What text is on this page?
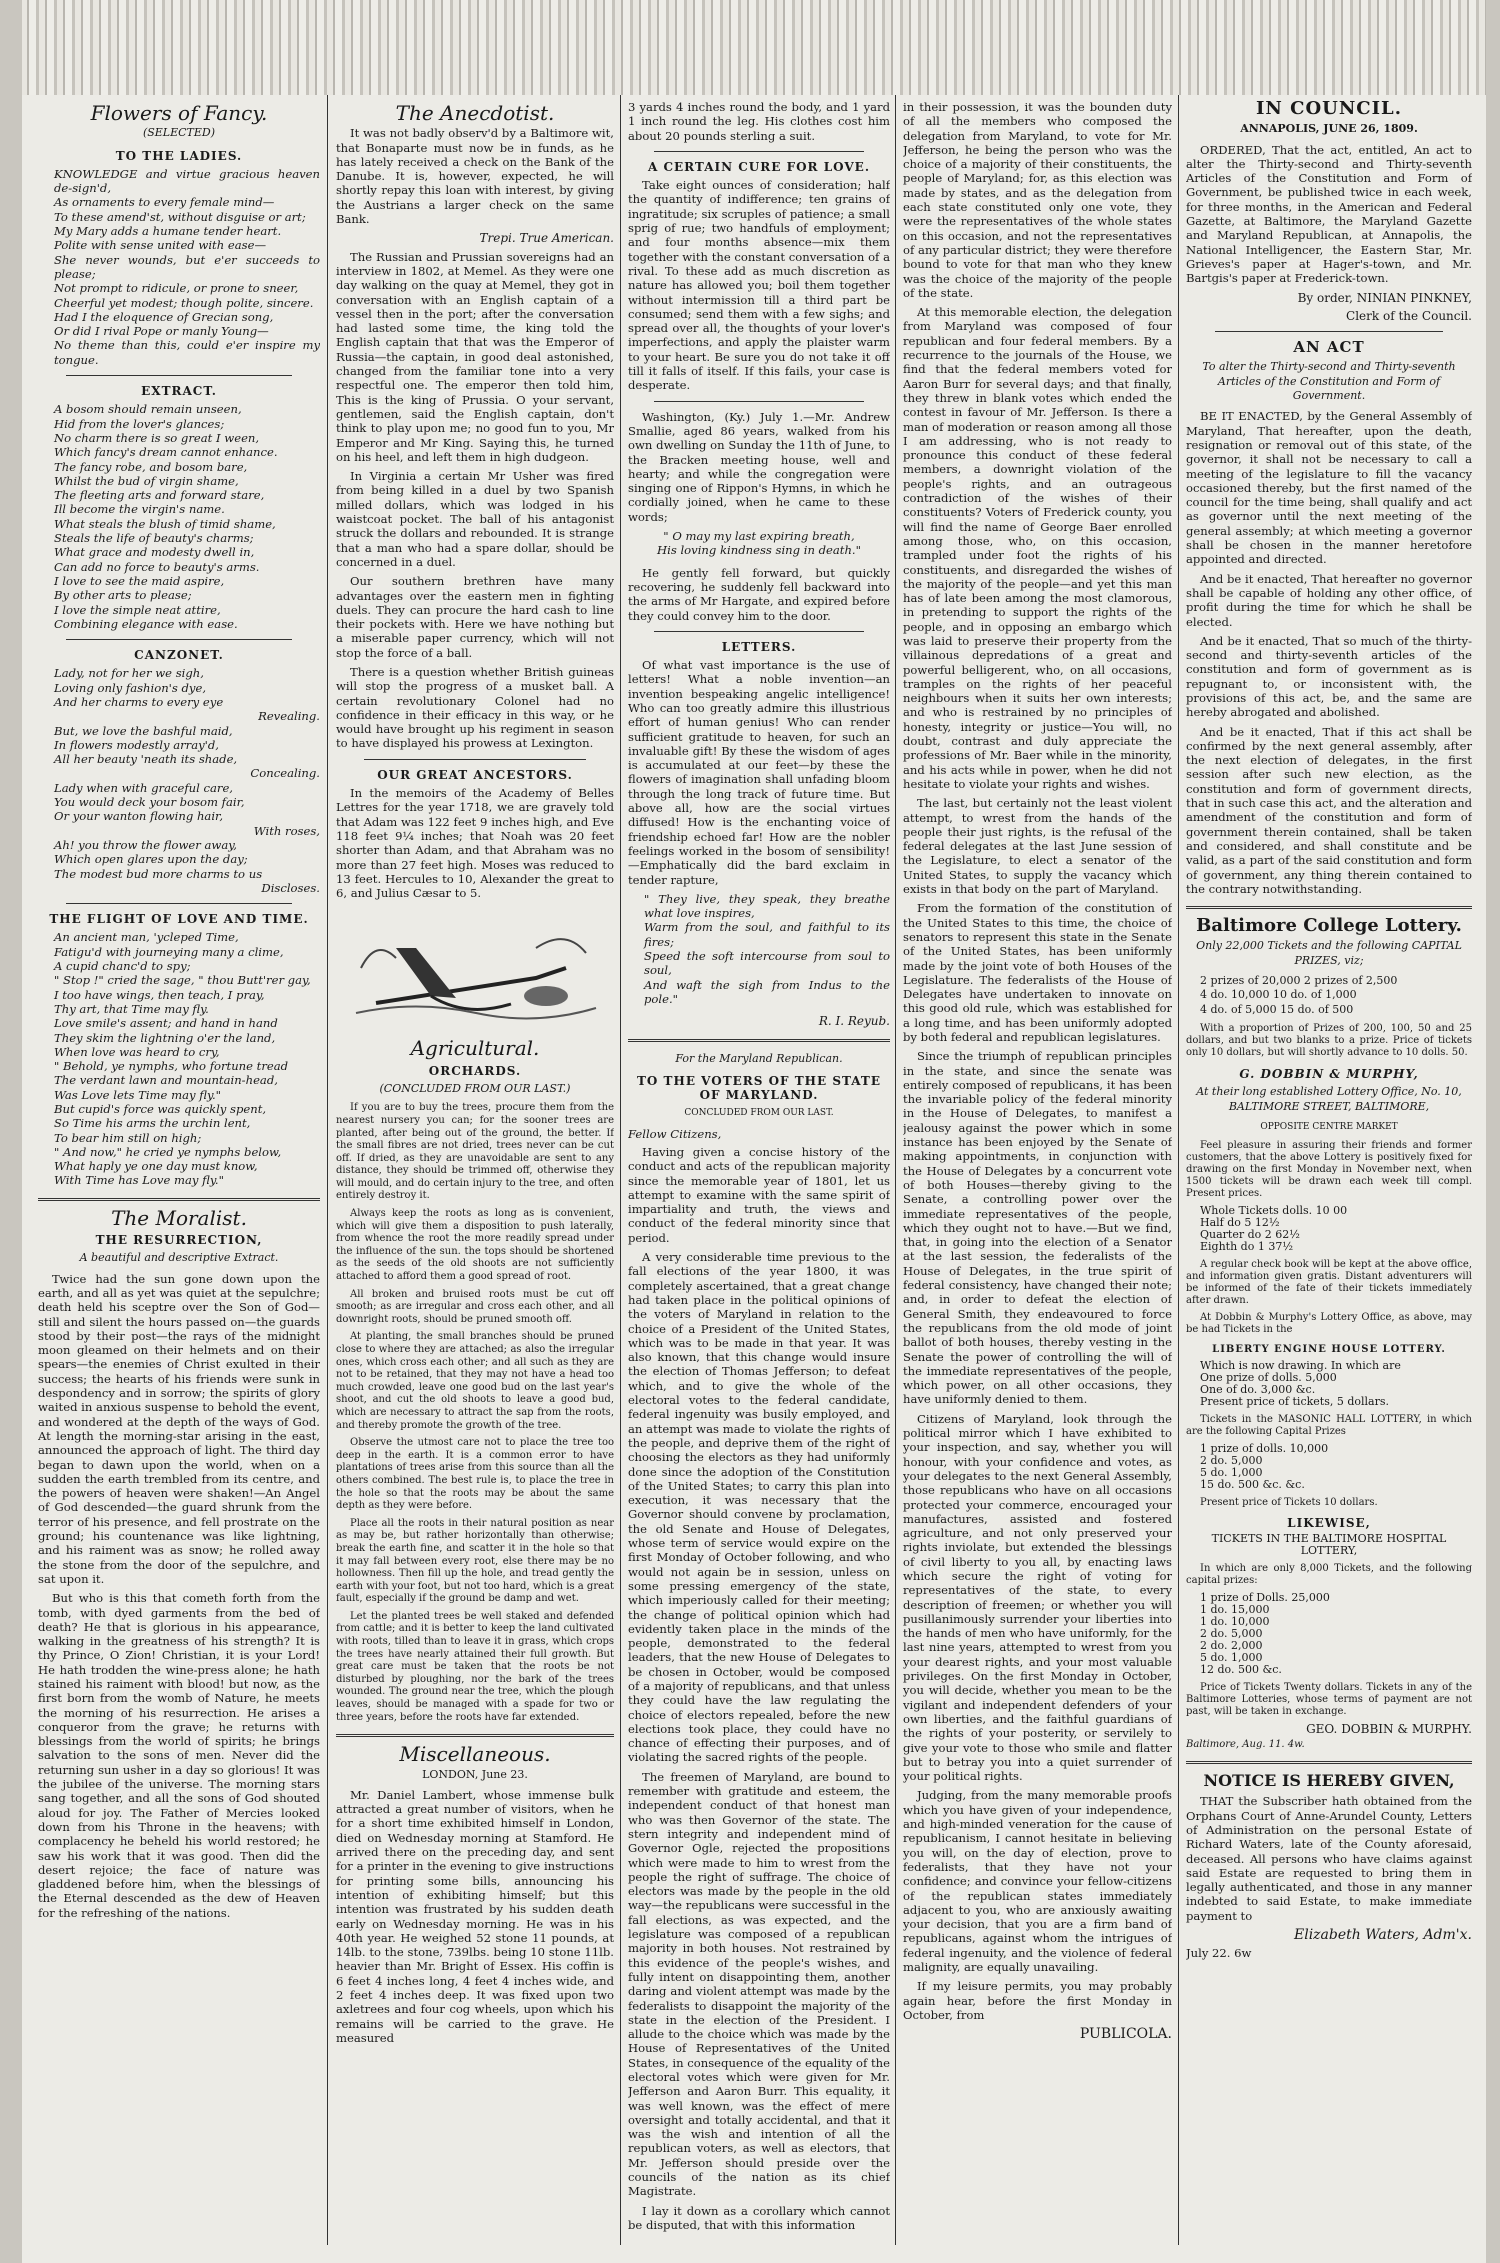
Flowers of Fancy.
(SELECTED)
TO THE LADIES.
KNOWLEDGE and virtue gracious heaven de-sign'd,
As ornaments to every female mind—
To these amend'st, without disguise or art;
My Mary adds a humane tender heart.
Polite with sense united with ease—
She never wounds, but e'er succeeds to please;
Not prompt to ridicule, or prone to sneer,
Cheerful yet modest; though polite, sincere.
Had I the eloquence of Grecian song,
Or did I rival Pope or manly Young—
No theme than this, could e'er inspire my tongue.
EXTRACT.
A bosom should remain unseen,
Hid from the lover's glances;
No charm there is so great I ween,
Which fancy's dream cannot enhance.
The fancy robe, and bosom bare,
Whilst the bud of virgin shame,
The fleeting arts and forward stare,
Ill become the virgin's name.
What steals the blush of timid shame,
Steals the life of beauty's charms;
What grace and modesty dwell in,
Can add no force to beauty's arms.
I love to see the maid aspire,
By other arts to please;
I love the simple neat attire,
Combining elegance with ease.
CANZONET.
Lady, not for her we sigh,
Loving only fashion's dye,
And her charms to every eye
Revealing.
But, we love the bashful maid,
In flowers modestly array'd,
All her beauty 'neath its shade,
Concealing.
Lady when with graceful care,
You would deck your bosom fair,
Or your wanton flowing hair,
With roses,
Ah! you throw the flower away,
Which open glares upon the day;
The modest bud more charms to us
Discloses.
THE FLIGHT OF LOVE AND TIME.
An ancient man, 'ycleped Time,
Fatigu'd with journeying many a clime,
A cupid chanc'd to spy;
" Stop !" cried the sage, " thou Butt'rer gay,
I too have wings, then teach, I pray,
Thy art, that Time may fly.
Love smile's assent; and hand in hand
They skim the lightning o'er the land,
When love was heard to cry,
" Behold, ye nymphs, who fortune tread
The verdant lawn and mountain-head,
Was Love lets Time may fly."
But cupid's force was quickly spent,
So Time his arms the urchin lent,
To bear him still on high;
" And now," he cried ye nymphs below,
What haply ye one day must know,
With Time has Love may fly."
The Moralist.
THE RESURRECTION,
A beautiful and descriptive Extract.

Twice had the sun gone down upon the earth, and all as yet was quiet at the sepulchre; death held his sceptre over the Son of God—still and silent the hours passed on—the guards stood by their post—the rays of the midnight moon gleamed on their helmets and on their spears—the enemies of Christ exulted in their success; the hearts of his friends were sunk in despondency and in sorrow; the spirits of glory waited in anxious suspense to behold the event, and wondered at the depth of the ways of God. At length the morning-star arising in the east, announced the approach of light. The third day began to dawn upon the world, when on a sudden the earth trembled from its centre, and the powers of heaven were shaken!—An Angel of God descended—the guard shrunk from the terror of his presence, and fell prostrate on the ground; his countenance was like lightning, and his raiment was as snow; he rolled away the stone from the door of the sepulchre, and sat upon it.

But who is this that cometh forth from the tomb, with dyed garments from the bed of death? He that is glorious in his appearance, walking in the greatness of his strength? It is thy Prince, O Zion! Christian, it is your Lord! He hath trodden the wine-press alone; he hath stained his raiment with blood! but now, as the first born from the womb of Nature, he meets the morning of his resurrection. He arises a conqueror from the grave; he returns with blessings from the world of spirits; he brings salvation to the sons of men. Never did the returning sun usher in a day so glorious! It was the jubilee of the universe. The morning stars sang together, and all the sons of God shouted aloud for joy. The Father of Mercies looked down from his Throne in the heavens; with complacency he beheld his world restored; he saw his work that it was good. Then did the desert rejoice; the face of nature was gladdened before him, when the blessings of the Eternal descended as the dew of Heaven for the refreshing of the nations.

The Anecdotist.

It was not badly observ'd by a Baltimore wit, that Bonaparte must now be in funds, as he has lately received a check on the Bank of the Danube. It is, however, expected, he will shortly repay this loan with interest, by giving the Austrians a larger check on the same Bank.

Trepi. True American.

The Russian and Prussian sovereigns had an interview in 1802, at Memel. As they were one day walking on the quay at Memel, they got in conversation with an English captain of a vessel then in the port; after the conversation had lasted some time, the king told the English captain that that was the Emperor of Russia—the captain, in good deal astonished, changed from the familiar tone into a very respectful one. The emperor then told him, This is the king of Prussia. O your servant, gentlemen, said the English captain, don't think to play upon me; no good fun to you, Mr Emperor and Mr King. Saying this, he turned on his heel, and left them in high dudgeon.

In Virginia a certain Mr Usher was fired from being killed in a duel by two Spanish milled dollars, which was lodged in his waistcoat pocket. The ball of his antagonist struck the dollars and rebounded. It is strange that a man who had a spare dollar, should be concerned in a duel.

Our southern brethren have many advantages over the eastern men in fighting duels. They can procure the hard cash to line their pockets with. Here we have nothing but a miserable paper currency, which will not stop the force of a ball.

There is a question whether British guineas will stop the progress of a musket ball. A certain revolutionary Colonel had no confidence in their efficacy in this way, or he would have brought up his regiment in season to have displayed his prowess at Lexington.

OUR GREAT ANCESTORS.

In the memoirs of the Academy of Belles Lettres for the year 1718, we are gravely told that Adam was 122 feet 9 inches high, and Eve 118 feet 9¼ inches; that Noah was 20 feet shorter than Adam, and that Abraham was no more than 27 feet high. Moses was reduced to 13 feet. Hercules to 10, Alexander the great to 6, and Julius Cæsar to 5.

Agricultural.
ORCHARDS.
(CONCLUDED FROM OUR LAST.)

If you are to buy the trees, procure them from the nearest nursery you can; for the sooner trees are planted, after being out of the ground, the better. If the small fibres are not dried, trees never can be cut off. If dried, as they are unavoidable are sent to any distance, they should be trimmed off, otherwise they will mould, and do certain injury to the tree, and often entirely destroy it.

Always keep the roots as long as is convenient, which will give them a disposition to push laterally, from whence the root the more readily spread under the influence of the sun. the tops should be shortened as the seeds of the old shoots are not sufficiently attached to afford them a good spread of root.

All broken and bruised roots must be cut off smooth; as are irregular and cross each other, and all downright roots, should be pruned smooth off.

At planting, the small branches should be pruned close to where they are attached; as also the irregular ones, which cross each other; and all such as they are not to be retained, that they may not have a head too much crowded, leave one good bud on the last year's shoot, and cut the old shoots to leave a good bud, which are necessary to attract the sap from the roots, and thereby promote the growth of the tree.

Observe the utmost care not to place the tree too deep in the earth. It is a common error to have plantations of trees arise from this source than all the others combined. The best rule is, to place the tree in the hole so that the roots may be about the same depth as they were before.

Place all the roots in their natural position as near as may be, but rather horizontally than otherwise; break the earth fine, and scatter it in the hole so that it may fall between every root, else there may be no hollowness. Then fill up the hole, and tread gently the earth with your foot, but not too hard, which is a great fault, especially if the ground be damp and wet.

Let the planted trees be well staked and defended from cattle; and it is better to keep the land cultivated with roots, tilled than to leave it in grass, which crops the trees have nearly attained their full growth. But great care must be taken that the roots be not disturbed by ploughing, nor the bark of the trees wounded. The ground near the tree, which the plough leaves, should be managed with a spade for two or three years, before the roots have far extended.

Miscellaneous.
LONDON, June 23.

Mr. Daniel Lambert, whose immense bulk attracted a great number of visitors, when he for a short time exhibited himself in London, died on Wednesday morning at Stamford. He arrived there on the preceding day, and sent for a printer in the evening to give instructions for printing some bills, announcing his intention of exhibiting himself; but this intention was frustrated by his sudden death early on Wednesday morning. He was in his 40th year. He weighed 52 stone 11 pounds, at 14lb. to the stone, 739lbs. being 10 stone 11lb. heavier than Mr. Bright of Essex. His coffin is 6 feet 4 inches long, 4 feet 4 inches wide, and 2 feet 4 inches deep. It was fixed upon two axletrees and four cog wheels, upon which his remains will be carried to the grave. He measured

3 yards 4 inches round the body, and 1 yard 1 inch round the leg. His clothes cost him about 20 pounds sterling a suit.

A CERTAIN CURE FOR LOVE.

Take eight ounces of consideration; half the quantity of indifference; ten grains of ingratitude; six scruples of patience; a small sprig of rue; two handfuls of employment; and four months absence—mix them together with the constant conversation of a rival. To these add as much discretion as nature has allowed you; boil them together without intermission till a third part be consumed; send them with a few sighs; and spread over all, the thoughts of your lover's imperfections, and apply the plaister warm to your heart. Be sure you do not take it off till it falls of itself. If this fails, your case is desperate.

Washington, (Ky.) July 1.—Mr. Andrew Smallie, aged 86 years, walked from his own dwelling on Sunday the 11th of June, to the Bracken meeting house, well and hearty; and while the congregation were singing one of Rippon's Hymns, in which he cordially joined, when he came to these words;

" O may my last expiring breath,
His loving kindness sing in death."

He gently fell forward, but quickly recovering, he suddenly fell backward into the arms of Mr Hargate, and expired before they could convey him to the door.

LETTERS.

Of what vast importance is the use of letters! What a noble invention—an invention bespeaking angelic intelligence! Who can too greatly admire this illustrious effort of human genius! Who can render sufficient gratitude to heaven, for such an invaluable gift! By these the wisdom of ages is accumulated at our feet—by these the flowers of imagination shall unfading bloom through the long track of future time. But above all, how are the social virtues diffused! How is the enchanting voice of friendship echoed far! How are the nobler feelings worked in the bosom of sensibility!—Emphatically did the bard exclaim in tender rapture,

" They live, they speak, they breathe what love inspires,
Warm from the soul, and faithful to its fires;
Speed the soft intercourse from soul to soul,
And waft the sigh from Indus to the pole."
R. I. Reyub.
For the Maryland Republican.
TO THE VOTERS OF THE STATE OF MARYLAND.
CONCLUDED FROM OUR LAST.
Fellow Citizens,

Having given a concise history of the conduct and acts of the republican majority since the memorable year of 1801, let us attempt to examine with the same spirit of impartiality and truth, the views and conduct of the federal minority since that period.

A very considerable time previous to the fall elections of the year 1800, it was completely ascertained, that a great change had taken place in the political opinions of the voters of Maryland in relation to the choice of a President of the United States, which was to be made in that year. It was also known, that this change would insure the election of Thomas Jefferson; to defeat which, and to give the whole of the electoral votes to the federal candidate, federal ingenuity was busily employed, and an attempt was made to violate the rights of the people, and deprive them of the right of choosing the electors as they had uniformly done since the adoption of the Constitution of the United States; to carry this plan into execution, it was necessary that the Governor should convene by proclamation, the old Senate and House of Delegates, whose term of service would expire on the first Monday of October following, and who would not again be in session, unless on some pressing emergency of the state, which imperiously called for their meeting; the change of political opinion which had evidently taken place in the minds of the people, demonstrated to the federal leaders, that the new House of Delegates to be chosen in October, would be composed of a majority of republicans, and that unless they could have the law regulating the choice of electors repealed, before the new elections took place, they could have no chance of effecting their purposes, and of violating the sacred rights of the people.

The freemen of Maryland, are bound to remember with gratitude and esteem, the independent conduct of that honest man who was then Governor of the state. The stern integrity and independent mind of Governor Ogle, rejected the propositions which were made to him to wrest from the people the right of suffrage. The choice of electors was made by the people in the old way—the republicans were successful in the fall elections, as was expected, and the legislature was composed of a republican majority in both houses. Not restrained by this evidence of the people's wishes, and fully intent on disappointing them, another daring and violent attempt was made by the federalists to disappoint the majority of the state in the election of the President. I allude to the choice which was made by the House of Representatives of the United States, in consequence of the equality of the electoral votes which were given for Mr. Jefferson and Aaron Burr. This equality, it was well known, was the effect of mere oversight and totally accidental, and that it was the wish and intention of all the republican voters, as well as electors, that Mr. Jefferson should preside over the councils of the nation as its chief Magistrate.

I lay it down as a corollary which cannot be disputed, that with this information

in their possession, it was the bounden duty of all the members who composed the delegation from Maryland, to vote for Mr. Jefferson, he being the person who was the choice of a majority of their constituents, the people of Maryland; for, as this election was made by states, and as the delegation from each state constituted only one vote, they were the representatives of the whole states on this occasion, and not the representatives of any particular district; they were therefore bound to vote for that man who they knew was the choice of the majority of the people of the state.

At this memorable election, the delegation from Maryland was composed of four republican and four federal members. By a recurrence to the journals of the House, we find that the federal members voted for Aaron Burr for several days; and that finally, they threw in blank votes which ended the contest in favour of Mr. Jefferson. Is there a man of moderation or reason among all those I am addressing, who is not ready to pronounce this conduct of these federal members, a downright violation of the people's rights, and an outrageous contradiction of the wishes of their constituents? Voters of Frederick county, you will find the name of George Baer enrolled among those, who, on this occasion, trampled under foot the rights of his constituents, and disregarded the wishes of the majority of the people—and yet this man has of late been among the most clamorous, in pretending to support the rights of the people, and in opposing an embargo which was laid to preserve their property from the villainous depredations of a great and powerful belligerent, who, on all occasions, tramples on the rights of her peaceful neighbours when it suits her own interests; and who is restrained by no principles of honesty, integrity or justice—You will, no doubt, contrast and duly appreciate the professions of Mr. Baer while in the minority, and his acts while in power, when he did not hesitate to violate your rights and wishes.

The last, but certainly not the least violent attempt, to wrest from the hands of the people their just rights, is the refusal of the federal delegates at the last June session of the Legislature, to elect a senator of the United States, to supply the vacancy which exists in that body on the part of Maryland.

From the formation of the constitution of the United States to this time, the choice of senators to represent this state in the Senate of the United States, has been uniformly made by the joint vote of both Houses of the Legislature. The federalists of the House of Delegates have undertaken to innovate on this good old rule, which was established for a long time, and has been uniformly adopted by both federal and republican legislatures.

Since the triumph of republican principles in the state, and since the senate was entirely composed of republicans, it has been the invariable policy of the federal minority in the House of Delegates, to manifest a jealousy against the power which in some instance has been enjoyed by the Senate of making appointments, in conjunction with the House of Delegates by a concurrent vote of both Houses—thereby giving to the Senate, a controlling power over the immediate representatives of the people, which they ought not to have.—But we find, that, in going into the election of a Senator at the last session, the federalists of the House of Delegates, in the true spirit of federal consistency, have changed their note; and, in order to defeat the election of General Smith, they endeavoured to force the republicans from the old mode of joint ballot of both houses, thereby vesting in the Senate the power of controlling the will of the immediate representatives of the people, which power, on all other occasions, they have uniformly denied to them.

Citizens of Maryland, look through the political mirror which I have exhibited to your inspection, and say, whether you will honour, with your confidence and votes, as your delegates to the next General Assembly, those republicans who have on all occasions protected your commerce, encouraged your manufactures, assisted and fostered agriculture, and not only preserved your rights inviolate, but extended the blessings of civil liberty to you all, by enacting laws which secure the right of voting for representatives of the state, to every description of freemen; or whether you will pusillanimously surrender your liberties into the hands of men who have uniformly, for the last nine years, attempted to wrest from you your dearest rights, and your most valuable privileges. On the first Monday in October, you will decide, whether you mean to be the vigilant and independent defenders of your own liberties, and the faithful guardians of the rights of your posterity, or servilely to give your vote to those who smile and flatter but to betray you into a quiet surrender of your political rights.

Judging, from the many memorable proofs which you have given of your independence, and high-minded veneration for the cause of republicanism, I cannot hesitate in believing you will, on the day of election, prove to federalists, that they have not your confidence; and convince your fellow-citizens of the republican states immediately adjacent to you, who are anxiously awaiting your decision, that you are a firm band of republicans, against whom the intrigues of federal ingenuity, and the violence of federal malignity, are equally unavailing.

If my leisure permits, you may probably again hear, before the first Monday in October, from

PUBLICOLA.
IN COUNCIL.
ANNAPOLIS, JUNE 26, 1809.

ORDERED, That the act, entitled, An act to alter the Thirty-second and Thirty-seventh Articles of the Constitution and Form of Government, be published twice in each week, for three months, in the American and Federal Gazette, at Baltimore, the Maryland Gazette and Maryland Republican, at Annapolis, the National Intelligencer, the Eastern Star, Mr. Grieves's paper at Hager's-town, and Mr. Bartgis's paper at Frederick-town.

By order, NINIAN PINKNEY,
Clerk of the Council.
AN ACT
To alter the Thirty-second and Thirty-seventh Articles of the Constitution and Form of Government.

BE IT ENACTED, by the General Assembly of Maryland, That hereafter, upon the death, resignation or removal out of this state, of the governor, it shall not be necessary to call a meeting of the legislature to fill the vacancy occasioned thereby, but the first named of the council for the time being, shall qualify and act as governor until the next meeting of the general assembly; at which meeting a governor shall be chosen in the manner heretofore appointed and directed.

And be it enacted, That hereafter no governor shall be capable of holding any other office, of profit during the time for which he shall be elected.

And be it enacted, That so much of the thirty-second and thirty-seventh articles of the constitution and form of government as is repugnant to, or inconsistent with, the provisions of this act, be, and the same are hereby abrogated and abolished.

And be it enacted, That if this act shall be confirmed by the next general assembly, after the next election of delegates, in the first session after such new election, as the constitution and form of government directs, that in such case this act, and the alteration and amendment of the constitution and form of government therein contained, shall be taken and considered, and shall constitute and be valid, as a part of the said constitution and form of government, any thing therein contained to the contrary notwithstanding.

Baltimore College Lottery.
Only 22,000 Tickets and the following CAPITAL PRIZES, viz;
2 prizes of 20,000 2 prizes of 2,500
4 do. 10,000 10 do. of 1,000
4 do. of 5,000 15 do. of 500

With a proportion of Prizes of 200, 100, 50 and 25 dollars, and but two blanks to a prize. Price of tickets only 10 dollars, but will shortly advance to 10 dolls. 50.

G. DOBBIN & MURPHY,
At their long established Lottery Office, No. 10, BALTIMORE STREET, BALTIMORE,
OPPOSITE CENTRE MARKET

Feel pleasure in assuring their friends and former customers, that the above Lottery is positively fixed for drawing on the first Monday in November next, when 1500 tickets will be drawn each week till compl. Present prices.

Whole Tickets dolls. 10 00
Half do 5 12½
Quarter do 2 62½
Eighth do 1 37½

A regular check book will be kept at the above office, and information given gratis. Distant adventurers will be informed of the fate of their tickets immediately after drawn.

At Dobbin & Murphy's Lottery Office, as above, may be had Tickets in the

LIBERTY ENGINE HOUSE LOTTERY.
Which is now drawing. In which are
One prize of dolls. 5,000
One of do. 3,000 &c.
Present price of tickets, 5 dollars.

Tickets in the MASONIC HALL LOTTERY, in which are the following Capital Prizes

1 prize of dolls. 10,000
2 do. 5,000
5 do. 1,000
15 do. 500 &c. &c.

Present price of Tickets 10 dollars.

LIKEWISE,
TICKETS IN THE BALTIMORE HOSPITAL LOTTERY,

In which are only 8,000 Tickets, and the following capital prizes:

1 prize of Dolls. 25,000
1 do. 15,000
1 do. 10,000
2 do. 5,000
2 do. 2,000
5 do. 1,000
12 do. 500 &c.

Price of Tickets Twenty dollars. Tickets in any of the Baltimore Lotteries, whose terms of payment are not past, will be taken in exchange.

GEO. DOBBIN & MURPHY.
Baltimore, Aug. 11. 4w.
NOTICE IS HEREBY GIVEN,

THAT the Subscriber hath obtained from the Orphans Court of Anne-Arundel County, Letters of Administration on the personal Estate of Richard Waters, late of the County aforesaid, deceased. All persons who have claims against said Estate are requested to bring them in legally authenticated, and those in any manner indebted to said Estate, to make immediate payment to

Elizabeth Waters, Adm'x.
July 22. 6w
